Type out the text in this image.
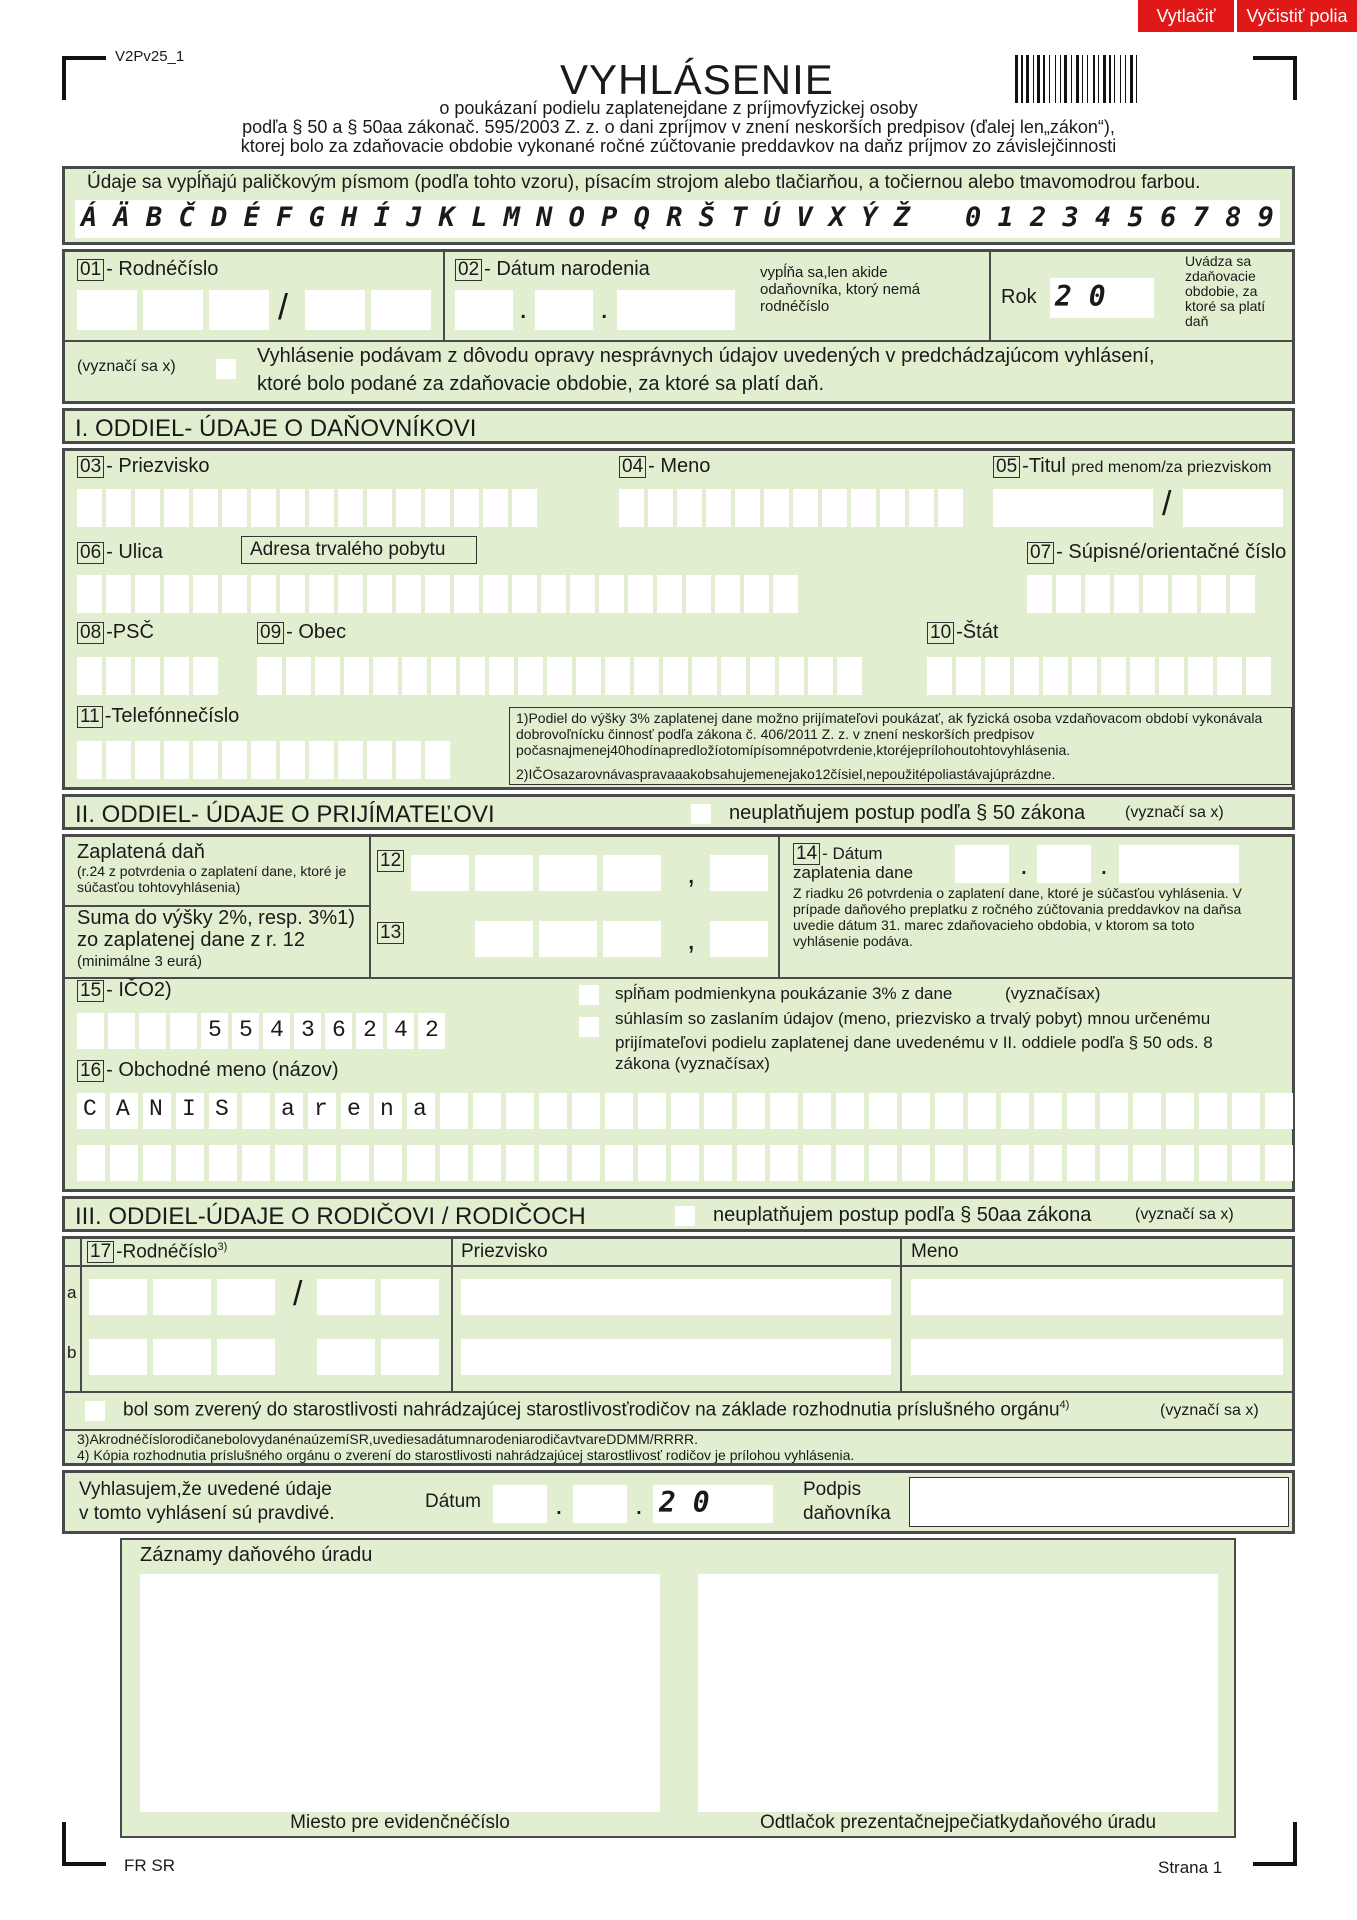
Vytlačiť	Vyčistiť polia
V2Pv25_1	VYHLÁSENIE
o poukázaní podielu zaplatenejdane z príjmovfyzickej osoby
podľa § 50 a § 50aa zákonač. 595/2003 Z. z. o dani zpríjmov v znení neskorších predpisov (ďalej len„zákon“),
ktorej bolo za zdaňovacie obdobie vykonané ročné zúčtovanie preddavkov na daňz príjmov zo závislejčinnosti
Údaje sa vypĺňajú paličkovým písmom (podľa tohto vzoru), písacím strojom alebo tlačiarňou, a točiernou alebo tmavomodrou farbou.
Á Ä B Č D É F G H Í J K L M N O P Q R Š T Ú V X Ý Ž 0 1 2 3 4 5 6 7 8 9
01 - Rodnéčíslo
/
02 - Dátum narodenia
. .
vypĺňa sa,len akide odaňovníka, ktorý nemá rodnéčíslo	Rok 2 0
Uvádza sa zdaňovacie obdobie, za ktoré sa platí daň
(vyznačí sa x)	Vyhlásenie podávam z dôvodu opravy nesprávnych údajov uvedených v predchádzajúcom vyhlásení,
ktoré bolo podané za zdaňovacie obdobie, za ktoré sa platí daň.
I. ODDIEL- ÚDAJE O DAŇOVNÍKOVI
03 - Priezvisko	04 - Meno	05 -Titul pred menom/za priezviskom
/
06 - Ulica	Adresa trvalého pobytu	07 - Súpisné/orientačné číslo
08 -PSČ	09 - Obec	10 -Štát
11 -Telefónnečíslo	1)Podiel do výšky 3% zaplatenej dane možno prijímateľovi poukázať, ak fyzická osoba vzdaňovacom období vykonávala dobrovoľnícku činnosť podľa zákona č. 406/2011 Z. z. v znení neskorších predpisov počasnajmenej40hodínapredložíotomípísomnépotvrdenie,ktoréjeprílohoutohtovyhlásenia.
2)IČOsazarovnávaspravaaakobsahujemenejako12čísiel,nepoužitépoliastávajúprázdne.
II. ODDIEL- ÚDAJE O PRIJÍMATEĽOVI	neuplatňujem postup podľa § 50 zákona (vyznačí sa x)
Zaplatená daň
(r.24 z potvrdenia o zaplatení dane, ktoré je súčasťou tohtovyhlásenia)
12	,
Suma do výšky 2%, resp. 3%1)
zo zaplatenej dane z r. 12
(minimálne 3 eurá)
13	,
14 - Dátum
zaplatenia dane	.	.
Z riadku 26 potvrdenia o zaplatení dane, ktoré je súčasťou vyhlásenia. V prípade daňového preplatku z ročného zúčtovania preddavkov na daňsa uvedie dátum 31. marec zdaňovacieho obdobia, v ktorom sa toto vyhlásenie podáva.
15 - IČO2)
5 5 4 3 6 2 4 2
spĺňam podmienkyna poukázanie 3% z dane	(vyznačísax)
súhlasím so zaslaním údajov (meno, priezvisko a trvalý pobyt) mnou určenému
prijímateľovi podielu zaplatenej dane uvedenému v II. oddiele podľa § 50 ods. 8
zákona (vyznačísax)
16 - Obchodné meno (názov)
C A N I S a r e n a
III. ODDIEL-ÚDAJE O RODIČOVI / RODIČOCH	neuplatňujem postup podľa § 50aa zákona	(vyznačí sa x)
17 -Rodnéčíslo$^{3)}$	Priezvisko	Meno
a	/
b
bol som zverený do starostlivosti nahrádzajúcej starostlivosťrodičov na základe rozhodnutia príslušného orgánu$^{4)}$	(vyznačí sa x)
3)AkrodnéčíslorodičanebolovydanénaúzemíSR,uvediesadátumnarodeniarodičavtvareDDMM/RRRR.
4) Kópia rozhodnutia príslušného orgánu o zverení do starostlivosti nahrádzajúcej starostlivosť rodičov je prílohou vyhlásenia.
Vyhlasujem,že uvedené údaje
v tomto vyhlásení sú pravdivé.
Dátum	.	. 2 0	Podpis
daňovníka
Záznamy daňového úradu
Miesto pre evidenčnéčíslo	Odtlačok prezentačnejpečiatkydaňového úradu
FR SR	Strana 1
